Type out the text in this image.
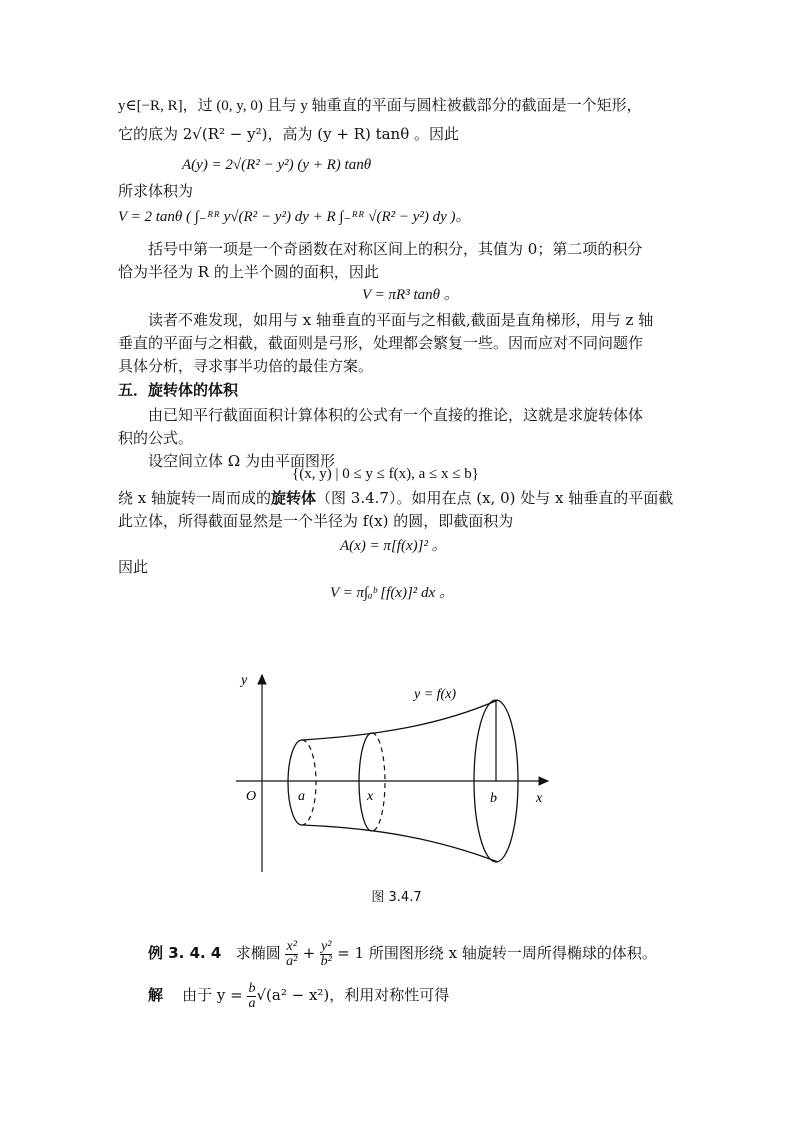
y∈[−R, R]，过 (0, y, 0) 且与 y 轴重直的平面与圆柱被截部分的截面是一个矩形，
它的底为 2√(R² − y²)，高为 (y + R) tanθ 。因此
A(y) = 2√(R² − y²) (y + R) tanθ
所求体积为
V = 2 tanθ ( ∫₋ᴿᴿ y√(R² − y²) dy + R ∫₋ᴿᴿ √(R² − y²) dy )。
括号中第一项是一个奇函数在对称区间上的积分，其值为 0；第二项的积分
恰为半径为 R 的上半个圆的面积，因此
V = πR³ tanθ 。
读者不难发现，如用与 x 轴垂直的平面与之相截,截面是直角梯形，用与 z 轴
垂直的平面与之相截，截面则是弓形，处理都会繁复一些。因而应对不同问题作
具体分析，寻求事半功倍的最佳方案。
五．旋转体的体积
由已知平行截面面积计算体积的公式有一个直接的推论，这就是求旋转体体
积的公式。
设空间立体 Ω 为由平面图形
{(x, y) | 0 ≤ y ≤ f(x), a ≤ x ≤ b}
绕 x 轴旋转一周而成的旋转体（图 3.4.7）。如用在点 (x, 0) 处与 x 轴垂直的平面截
此立体，所得截面显然是一个半径为 f(x) 的圆，即截面积为
A(x) = π[f(x)]² 。
因此
V = π∫ₐᵇ [f(x)]² dx 。
y
x
O	a	x	b
y = f(x)
图 3.4.7
例 3. 4. 4 求椭圆 $\frac{\text{x²}}{\text{a²}} + \frac{\text{y²}}{\text{b²}} = 1$ 所围图形绕 x 轴旋转一周所得椭球的体积。
解 由于 $y = \frac{b}{a} √(a^2 - x^2)$，利用对称性可得
